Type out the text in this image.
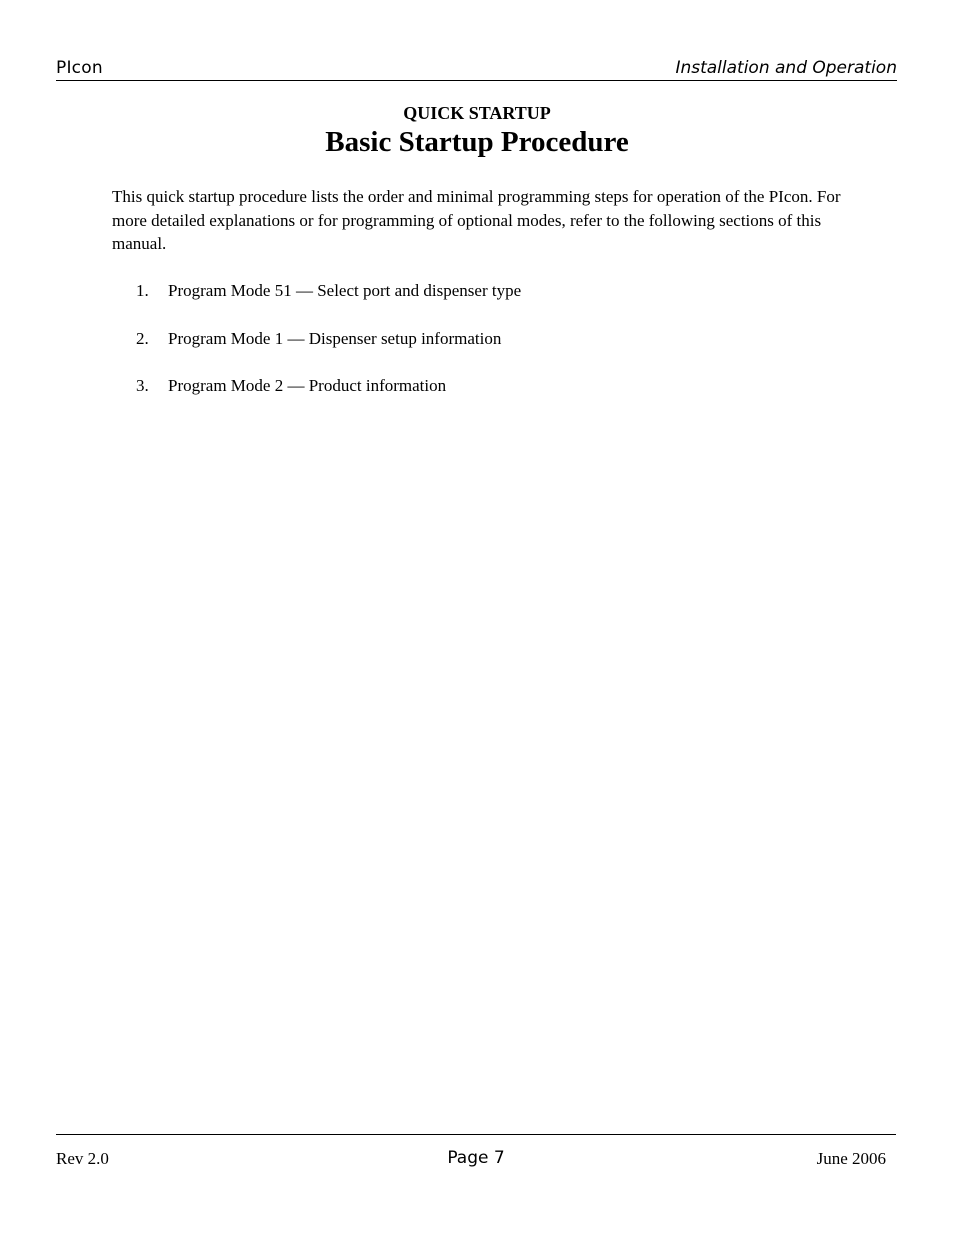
PIcon	Installation and Operation
QUICK STARTUP
Basic Startup Procedure

This quick startup procedure lists the order and minimal programming steps for operation of the PIcon. For more detailed explanations or for programming of optional modes, refer to the following sections of this manual.

1. Program Mode 51 — Select port and dispenser type
2. Program Mode 1 — Dispenser setup information
3. Program Mode 2 — Product information
Rev 2.0	Page 7	June 2006
